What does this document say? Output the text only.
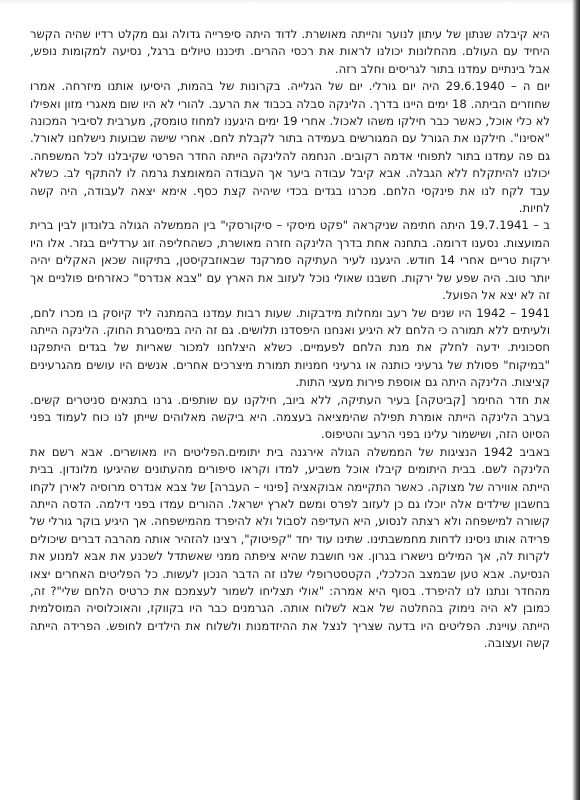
היא קיבלה שנתון של עיתון לנוער והייתה מאושרת. לדוד היתה סיפרייה גדולה וגם מקלט רדיו שהיה הקשר היחיד עם העולם. מהחלונות יכולנו לראות את רכסי ההרים. תיכננו טיולים ברגל, נסיעה למקומות נופש, אבל בינתיים עמדנו בתור לגריסים וחלב רזה.

יום ה – 29.6.1940 היה יום גורלי. יום של הגלייה. בקרונות של בהמות, היסיעו אותנו מיזרחה. אמרו שחוזרים הביתה. 18 ימים היינו בדרך. הלינקה סבלה בכבוד את הרעב. להורי לא היו שום מאגרי מזון ואפילו לא כלי אוכל, כאשר כבר חילקו משהו לאכול. אחרי 19 ימים היגענו למחוז טומסק, מערבית לסיביר המכונה "אסינו". חילקנו את הגורל עם המגורשים בעמידה בתור לקבלת לחם. אחרי שישה שבועות נישלחנו לאורל. גם פה עמדנו בתור לתפוחי אדמה רקובים. הנחמה להלינקה הייתה החדר הפרטי שקיבלנו לכל המשפחה. יכולנו להיתקלח ללא הגבלה. אבא קיבל עבודה ביער אך העבודה המאומצת גרמה לו להתקף לב. כשלא עבד לקח לנו את פינקסי הלחם. מכרנו בגדים בכדי שיהיה קצת כסף. אימא יצאה לעבודה, היה קשה לחיות.

ב – 19.7.1941 היתה חתימה שניקראה "פקט מיסקי – סיקורסקי" בין הממשלה הגולה בלונדון לבין ברית המועצות. נסענו דרומה. בתחנה אחת בדרך הלינקה חזרה מאושרת, כשהחליפה זוג ערדליים בגזר. אלו היו ירקות טריים אחרי 14 חודש. היגענו לעיר העתיקה סמרקנד שבאוזבקיסטן, בתיקווה שכאן האקלים יהיה יותר טוב. היה שפע של ירקות. חשבנו שאולי נוכל לעזוב את הארץ עם "צבא אנדרס" כאזרחים פולניים אך זה לא יצא אל הפועל.

1941 – 1942 היו שנים של רעב ומחלות מידבקות. שעות רבות עמדנו בהמתנה ליד קיוסק בו מכרו לחם, ולעיתים ללא תמורה כי הלחם לא היגיע ואנחנו היפסדנו תלושים. גם זה היה במיסגרת החוק. הלינקה הייתה חסכונית. ידעה לחלק את מנת הלחם לפעמיים. כשלא היצלחנו למכור שאריות של בגדים היתפקנו "במיקוח" פסולת של גרעיני כותנה או גרעיני חמניות תמורת מיצרכים אחרים. אנשים היו עושים מהגרעינים קציצות. הלינקה היתה גם אוספת פירות מעצי התות.

את חדר החימר [קביטקה] בעיר העתיקה, ללא ביוב, חילקנו עם שותפים. גרנו בתנאים סניטרים קשים. בערב הלינקה הייתה אומרת תפילה שהימציאה בעצמה. היא ביקשה מאלוהים שייתן לנו כוח לעמוד בפני הסיוט הזה, ושישמור עלינו בפני הרעב והטיפוס.

באביב 1942 הנציגות של הממשלה הגולה אירגנה בית יתומים.הפליטים היו מאושרים. אבא רשם את הלינקה לשם. בבית היתומים קיבלו אוכל משביע, למדו וקראו סיפורים מהעתונים שהיגיעו מלונדון. בבית הייתה אווירה של מצוקה. כאשר התקיימה אבוקאציה [פינוי – העברה] של צבא אנדרס מרוסיה לאירן לקחו בחשבון שילדים אלה יוכלו גם כן לעזוב לפרס ומשם לארץ ישראל. ההורים עמדו בפני דילמה. הדסה הייתה קשורה למישפחה ולא רצתה לנסוע, היא העדיפה לסבול ולא להיפרד מהמישפחה. אך היגיע בוקר גורלי של פרידה אותו ניסינו לדחות מחמשבתינו. שתינו עוד יחד "קפיטוק", רצינו להזהיר אותה מהרבה דברים שיכולים לקרות לה, אך המילים נישארו בגרון. אני חושבת שהיא ציפתה ממני שאשתדל לשכנע את אבא למנוע את הנסיעה. אבא טען שבמצב הכלכלי, הקטסטרופלי שלנו זה הדבר הנכון לעשות. כל הפליטים האחרים יצאו מהחדר ונתנו לנו להיפרד. בסוף היא אמרה: "אולי תצליחו לשמור לעצמכם את כרטיס הלחם שלי"? זה, כמובן לא היה נימוק בהחלטה של אבא לשלוח אותה. הגרמנים כבר היו בקווקז, והאוכלוסיה המוסלמית הייתה עויינת. הפליטים היו בדעה שצריך לנצל את ההיזדמנות ולשלוח את הילדים לחופש. הפרידה הייתה קשה ועצובה.
